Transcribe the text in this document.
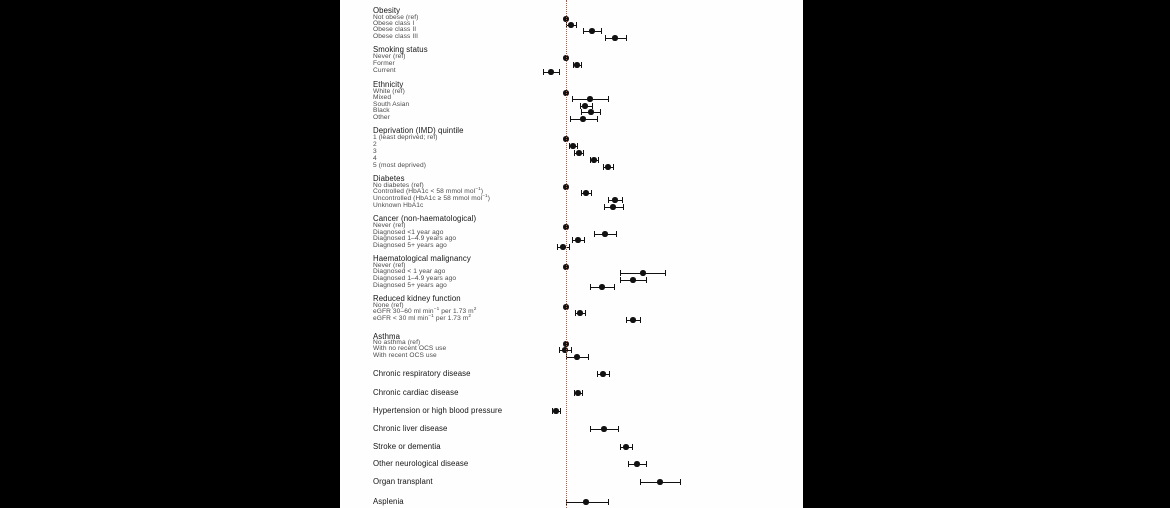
Obesity
Not obese (ref)
Obese class I
Obese class II
Obese class III
Smoking status
Never (ref)
Former
Current
Ethnicity
White (ref)
Mixed
South Asian
Black
Other
Deprivation (IMD) quintile
1 (least deprived; ref)
2
3
4
5 (most deprived)
Diabetes
No diabetes (ref)
Controlled (HbA1c < 58 mmol mol$^{-1}$)
Uncontrolled (HbA1c ≥ 58 mmol mol$^{-1}$)
Unknown HbA1c
Cancer (non-haematological)
Never (ref)
Diagnosed <1 year ago
Diagnosed 1–4.9 years ago
Diagnosed 5+ years ago
Haematological malignancy
Never (ref)
Diagnosed < 1 year ago
Diagnosed 1–4.9 years ago
Diagnosed 5+ years ago
Reduced kidney function
None (ref)
eGFR 30–60 ml $\min^{-1}$ per 1.73 $m^2$
eGFR < 30 ml $\min^{-1}$ per 1.73 $m^2$
Asthma
No asthma (ref)
With no recent OCS use
With recent OCS use
Chronic respiratory disease
Chronic cardiac disease
Hypertension or high blood pressure
Chronic liver disease
Stroke or dementia
Other neurological disease
Organ transplant
Asplenia
